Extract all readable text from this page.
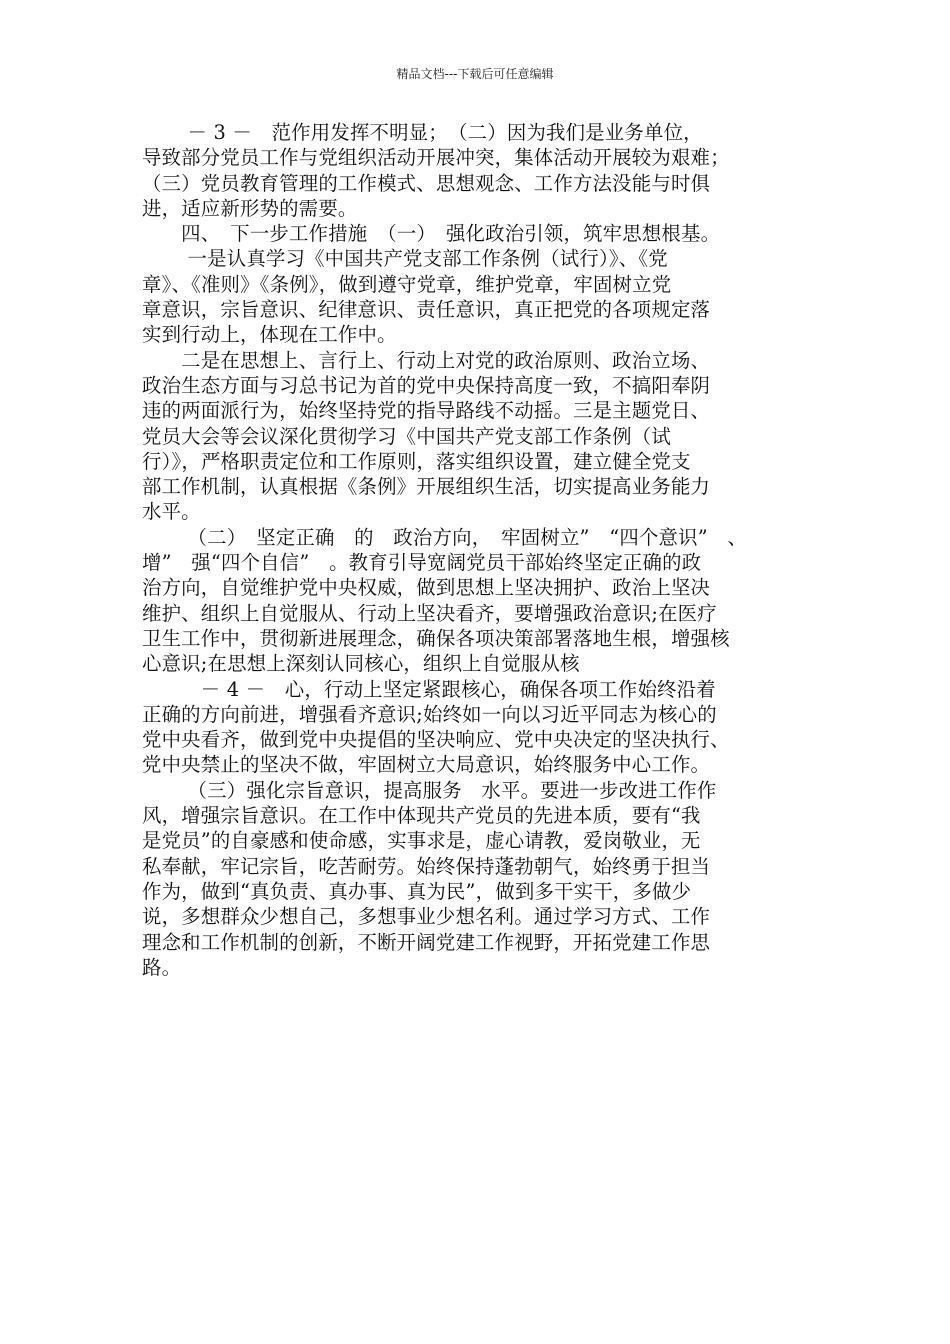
精品文档---下载后可任意编辑
　　 － 3 －　范作用发挥不明显；　（二）因为我们是业务单位，
导致部分党员工作与党组织活动开展冲突，集体活动开展较为艰难；
（三）党员教育管理的工作模式、思想观念、工作方法没能与时俱
进，适应新形势的需要。
　　四、　下一步工作措施　（一）　强化政治引领，筑牢思想根基。
　　 一是认真学习《中国共产党支部工作条例（试行）》、《党
章》、《准则》《条例》，做到遵守党章，维护党章，牢固树立党
章意识，宗旨意识、纪律意识、责任意识，真正把党的各项规定落
实到行动上，体现在工作中。
　　二是在思想上、言行上、行动上对党的政治原则、政治立场、
政治生态方面与习总书记为首的党中央保持高度一致，不搞阳奉阴
违的两面派行为，始终坚持党的指导路线不动摇。三是主题党日、
党员大会等会议深化贯彻学习《中国共产党支部工作条例（试
行）》，严格职责定位和工作原则，落实组织设置，建立健全党支
部工作机制，认真根据《条例》开展组织生活，切实提高业务能力
水平。
　　 （二）　坚定正确　的　政治方向，　牢固树立”　“四个意识”　、
增”　强“四个自信”　。教育引导宽阔党员干部始终坚定正确的政
治方向，自觉维护党中央权威，做到思想上坚决拥护、政治上坚决
维护、组织上自觉服从、行动上坚决看齐，要增强政治意识;在医疗
卫生工作中，贯彻新进展理念，确保各项决策部署落地生根，增强核
心意识;在思想上深刻认同核心，组织上自觉服从核
　　　－ 4 －　心，行动上坚定紧跟核心，确保各项工作始终沿着
正确的方向前进，增强看齐意识;始终如一向以习近平同志为核心的
党中央看齐，做到党中央提倡的坚决响应、党中央决定的坚决执行、
党中央禁止的坚决不做，牢固树立大局意识，始终服务中心工作。
　　 （三）强化宗旨意识，提高服务　水平。要进一步改进工作作
风，增强宗旨意识。在工作中体现共产党员的先进本质，要有“我
是党员”的自豪感和使命感，实事求是，虚心请教，爱岗敬业，无
私奉献，牢记宗旨，吃苦耐劳。始终保持蓬勃朝气，始终勇于担当
作为，做到“真负责、真办事、真为民”，做到多干实干，多做少
说，多想群众少想自己，多想事业少想名利。通过学习方式、工作
理念和工作机制的创新，不断开阔党建工作视野，开拓党建工作思
路。
